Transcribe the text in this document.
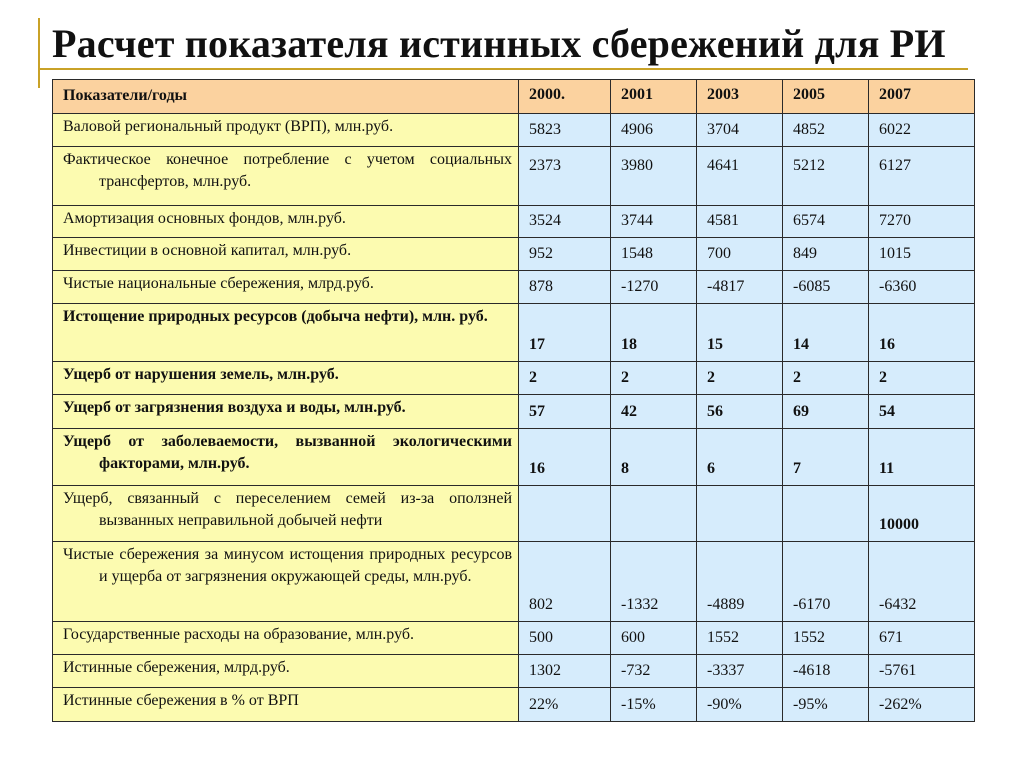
Расчет показателя истинных сбережений для РИ
Показатели/годы	2000.	2001	2003	2005	2007

Валовой региональный продукт (ВРП), млн.руб.	5823	4906	3704	4852	6022

Фактическое конечное потребление с учетом социальных трансфертов, млн.руб.	2373	3980	4641	5212	6127

Амортизация основных фондов, млн.руб.	3524	3744	4581	6574	7270

Инвестиции в основной капитал, млн.руб.	952	1548	700	849	1015

Чистые национальные сбережения, млрд.руб.	878	-1270	-4817	-6085	-6360

Истощение природных ресурсов (добыча нефти), млн. руб.	17	18	15	14	16

Ущерб от нарушения земель, млн.руб.	2	2	2	2	2

Ущерб от загрязнения воздуха и воды, млн.руб.	57	42	56	69	54

Ущерб от заболеваемости, вызванной экологическими факторами, млн.руб.	16	8	6	7	11

Ущерб, связанный с переселением семей из-за оползней вызванных неправильной добычей нефти					10000

Чистые сбережения за минусом истощения природных ресурсов и ущерба от загрязнения окружающей среды, млн.руб.	802	-1332	-4889	-6170	-6432

Государственные расходы на образование, млн.руб.	500	600	1552	1552	671

Истинные сбережения, млрд.руб.	1302	-732	-3337	-4618	-5761

Истинные сбережения в % от ВРП	22%	-15%	-90%	-95%	-262%
